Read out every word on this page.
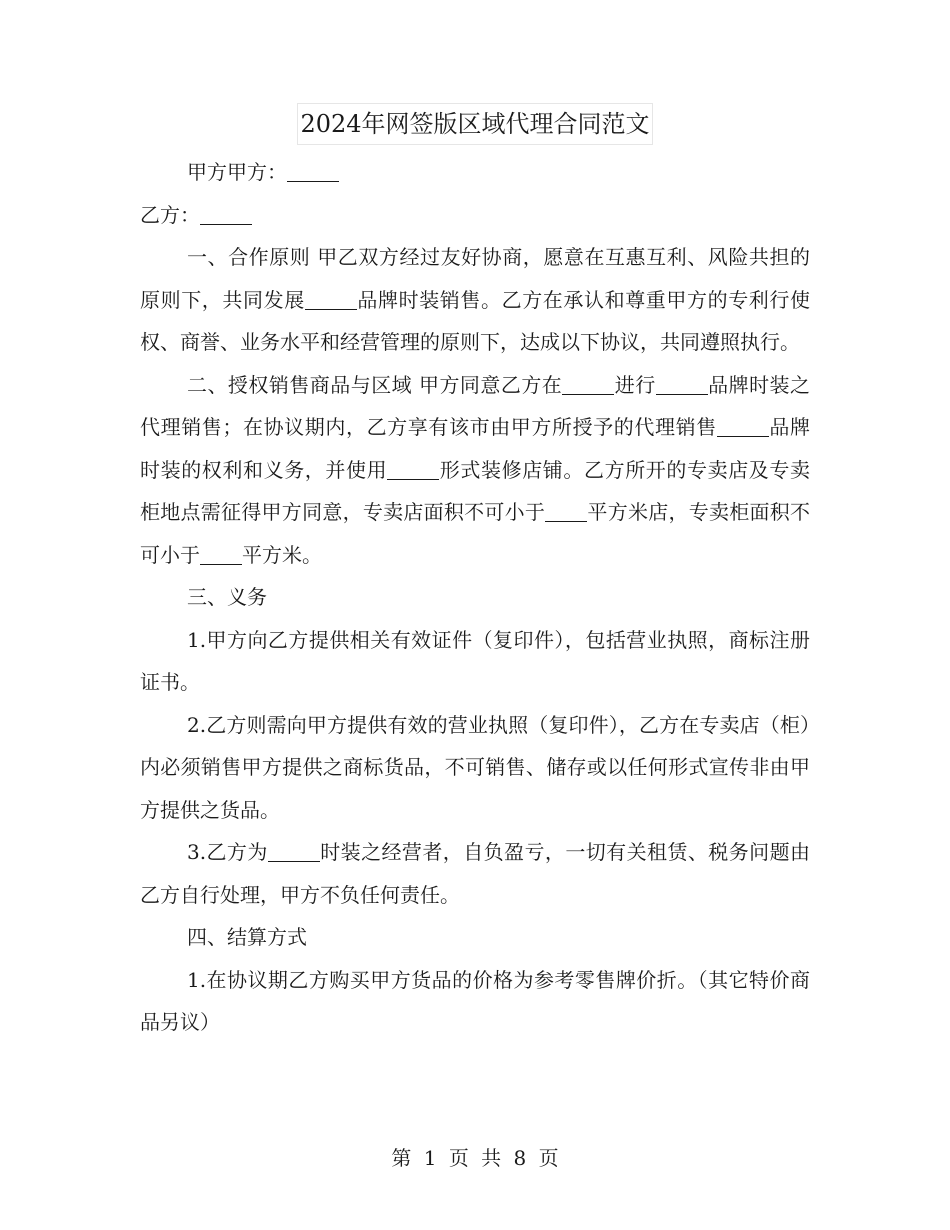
2024年网签版区域代理合同范文

甲方甲方：

乙方：

一、合作原则 甲乙双方经过友好协商，愿意在互惠互利、风险共担的原则下，共同发展	品牌时装销售。乙方在承认和尊重甲方的专利行使权、商誉、业务水平和经营管理的原则下，达成以下协议，共同遵照执行。

二、授权销售商品与区域 甲方同意乙方在	进行	品牌时装之代理销售；在协议期内，乙方享有该市由甲方所授予的代理销售	品牌时装的权利和义务，并使用	形式装修店铺。乙方所开的专卖店及专卖柜地点需征得甲方同意，专卖店面积不可小于 平方米店，专卖柜面积不可小于 平方米。

三、义务

1.甲方向乙方提供相关有效证件（复印件），包括营业执照，商标注册证书。

2.乙方则需向甲方提供有效的营业执照（复印件），乙方在专卖店（柜）内必须销售甲方提供之商标货品，不可销售、储存或以任何形式宣传非由甲方提供之货品。

3.乙方为	时装之经营者，自负盈亏，一切有关租赁、税务问题由乙方自行处理，甲方不负任何责任。

四、结算方式

1.在协议期乙方购买甲方货品的价格为参考零售牌价折。（其它特价商品另议）

第 1 页 共 8 页
